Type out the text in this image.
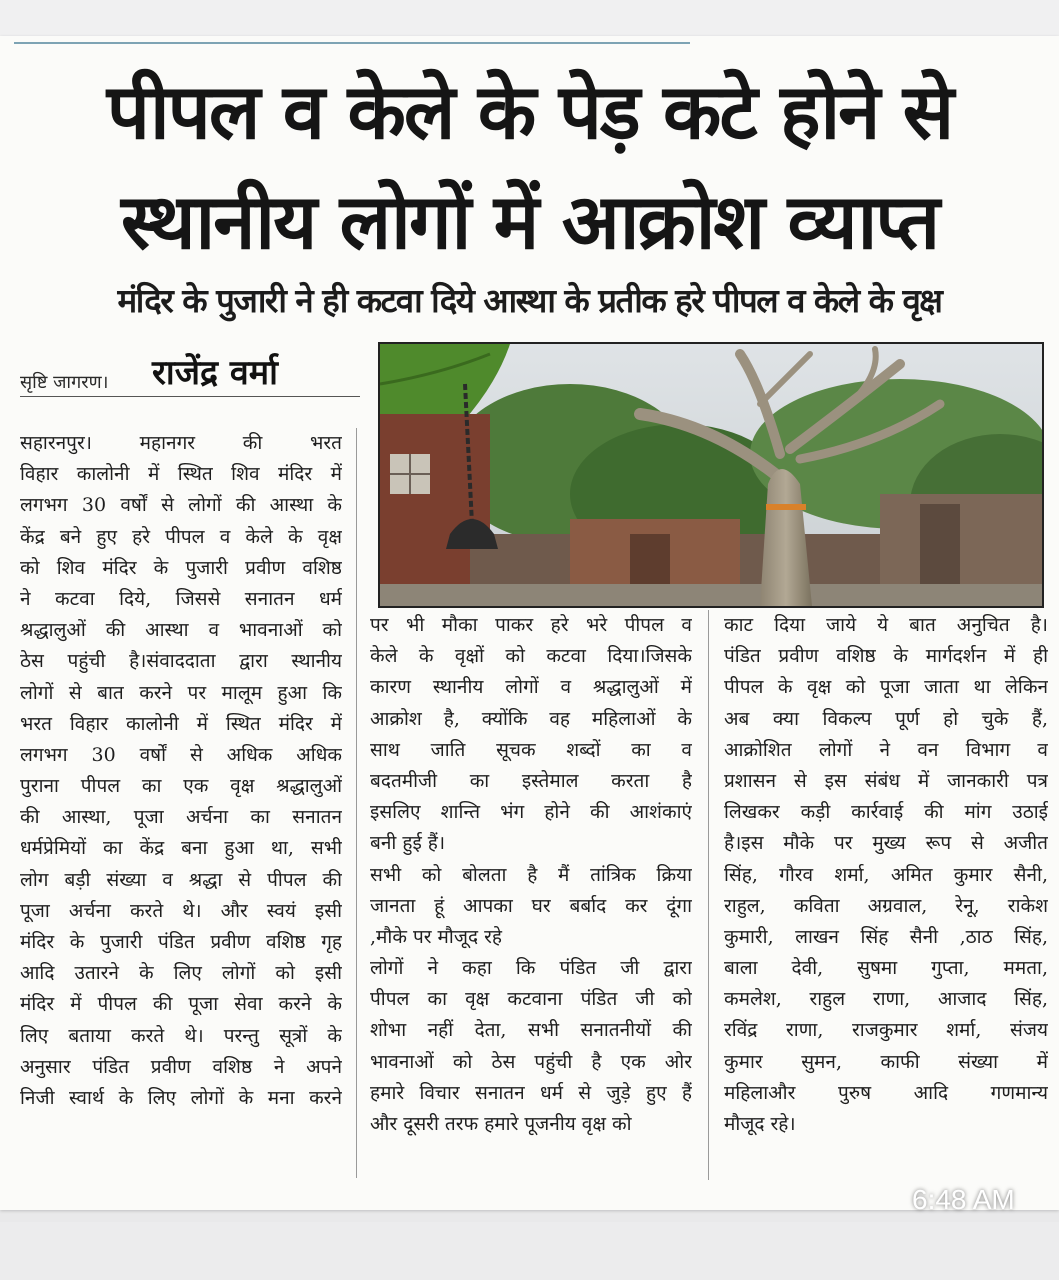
पीपल व केले के पेड़ कटे होने से
स्थानीय लोगों में आक्रोश व्याप्त
मंदिर के पुजारी ने ही कटवा दिये आस्था के प्रतीक हरे पीपल व केले के वृक्ष
सृष्टि जागरण। राजेंद्र वर्मा
सहारनपुर। महानगर की भरत
विहार कालोनी में स्थित शिव मंदिर में
लगभग 30 वर्षों से लोगों की आस्था के
केंद्र बने हुए हरे पीपल व केले के वृक्ष
को शिव मंदिर के पुजारी प्रवीण वशिष्ठ
ने कटवा दिये, जिससे सनातन धर्म
श्रद्धालुओं की आस्था व भावनाओं को
ठेस पहुंची है।संवाददाता द्वारा स्थानीय
लोगों से बात करने पर मालूम हुआ कि
भरत विहार कालोनी में स्थित मंदिर में
लगभग 30 वर्षों से अधिक अधिक
पुराना पीपल का एक वृक्ष श्रद्धालुओं
की आस्था, पूजा अर्चना का सनातन
धर्मप्रेमियों का केंद्र बना हुआ था, सभी
लोग बड़ी संख्या व श्रद्धा से पीपल की
पूजा अर्चना करते थे। और स्वयं इसी
मंदिर के पुजारी पंडित प्रवीण वशिष्ठ गृह
आदि उतारने के लिए लोगों को इसी
मंदिर में पीपल की पूजा सेवा करने के
लिए बताया करते थे। परन्तु सूत्रों के
अनुसार पंडित प्रवीण वशिष्ठ ने अपने
निजी स्वार्थ के लिए लोगों के मना करने
पर भी मौका पाकर हरे भरे पीपल व
केले के वृक्षों को कटवा दिया।जिसके
कारण स्थानीय लोगों व श्रद्धालुओं में
आक्रोश है, क्योंकि वह महिलाओं के
साथ जाति सूचक शब्दों का व
बदतमीजी का इस्तेमाल करता है
इसलिए शान्ति भंग होने की आशंकाएं
बनी हुई हैं।
सभी को बोलता है मैं तांत्रिक क्रिया
जानता हूं आपका घर बर्बाद कर दूंगा
,मौके पर मौजूद रहे
लोगों ने कहा कि पंडित जी द्वारा
पीपल का वृक्ष कटवाना पंडित जी को
शोभा नहीं देता, सभी सनातनीयों की
भावनाओं को ठेस पहुंची है एक ओर
हमारे विचार सनातन धर्म से जुड़े हुए हैं
और दूसरी तरफ हमारे पूजनीय वृक्ष को
काट दिया जाये ये बात अनुचित है।
पंडित प्रवीण वशिष्ठ के मार्गदर्शन में ही
पीपल के वृक्ष को पूजा जाता था लेकिन
अब क्या विकल्प पूर्ण हो चुके हैं,
आक्रोशित लोगों ने वन विभाग व
प्रशासन से इस संबंध में जानकारी पत्र
लिखकर कड़ी कार्रवाई की मांग उठाई
है।इस मौके पर मुख्य रूप से अजीत
सिंह, गौरव शर्मा, अमित कुमार सैनी,
राहुल, कविता अग्रवाल, रेनू, राकेश
कुमारी, लाखन सिंह सैनी ,ठाठ सिंह,
बाला देवी, सुषमा गुप्ता, ममता,
कमलेश, राहुल राणा, आजाद सिंह,
रविंद्र राणा, राजकुमार शर्मा, संजय
कुमार सुमन, काफी संख्या में
महिलाऔर पुरुष आदि गणमान्य
मौजूद रहे।
6:48 AM
